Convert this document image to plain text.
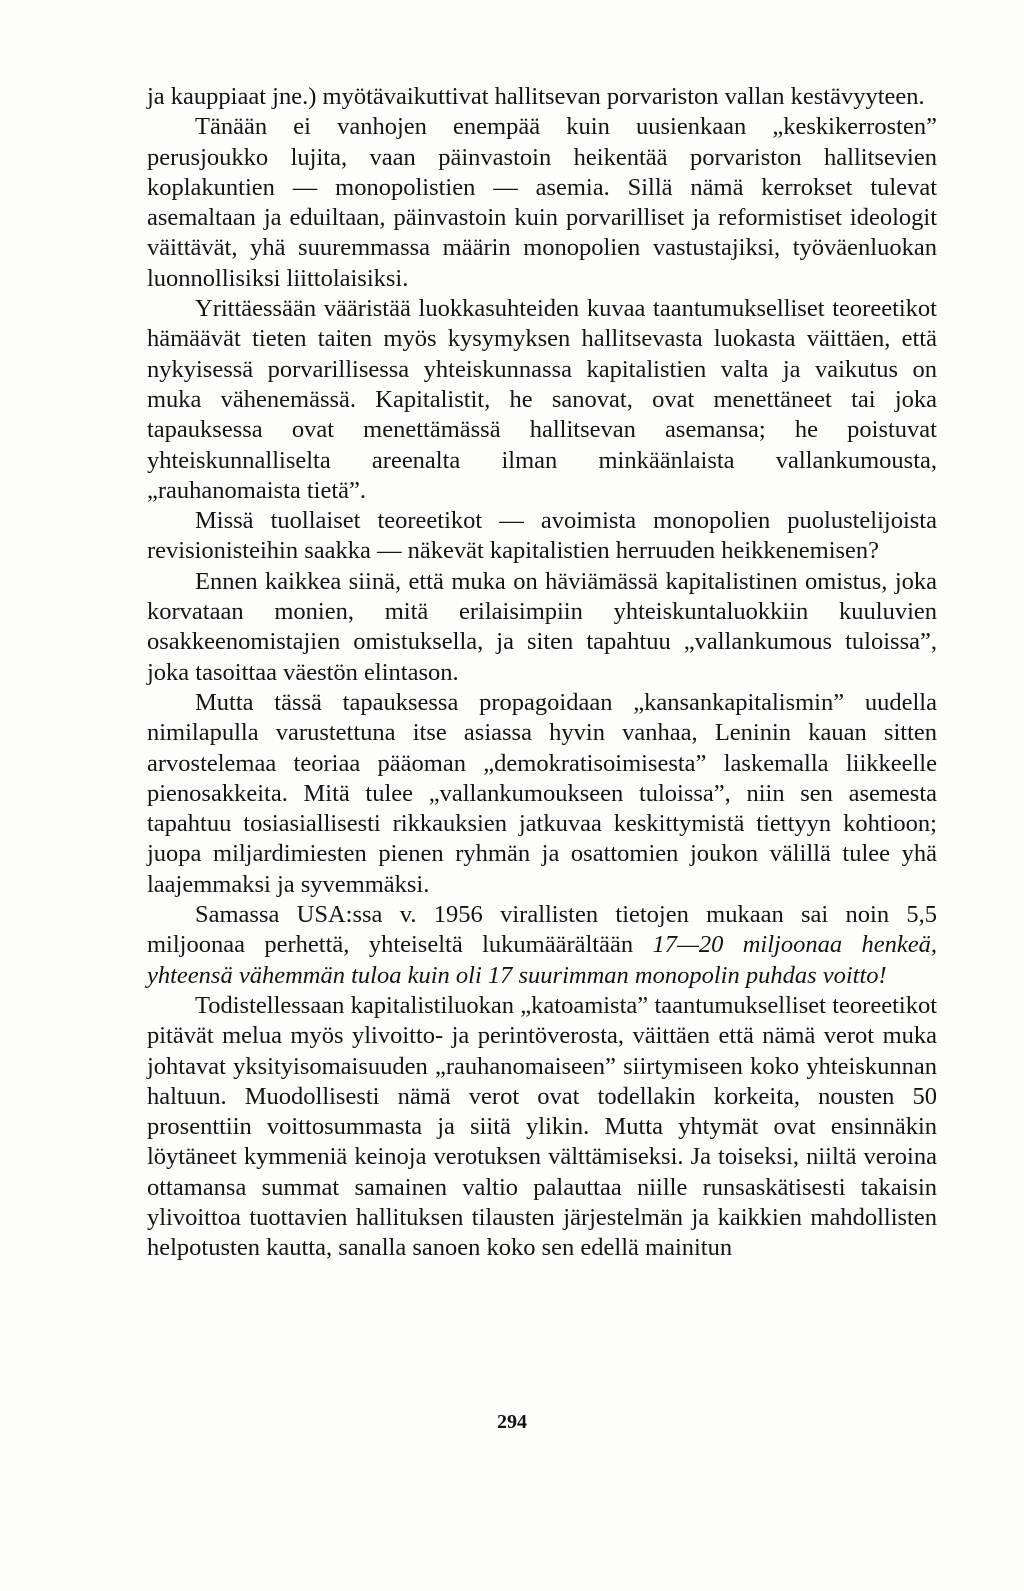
ja kauppiaat jne.) myötävaikuttivat hallitsevan porvariston vallan kestävyyteen.

Tänään ei vanhojen enempää kuin uusienkaan „keskikerrosten” perusjoukko lujita, vaan päinvastoin heikentää porvariston hallitsevien koplakuntien — monopolistien — asemia. Sillä nämä kerrokset tulevat asemaltaan ja eduiltaan, päinvastoin kuin porvarilliset ja reformistiset ideologit väittävät, yhä suuremmassa määrin monopolien vastustajiksi, työväenluokan luonnollisiksi liittolaisiksi.

Yrittäessään vääristää luokkasuhteiden kuvaa taantumukselliset teoreetikot hämäävät tieten taiten myös kysymyksen hallitsevasta luokasta väittäen, että nykyisessä porvarillisessa yhteiskunnassa kapitalistien valta ja vaikutus on muka vähenemässä. Kapitalistit, he sanovat, ovat menettäneet tai joka tapauksessa ovat menettämässä hallitsevan asemansa; he poistuvat yhteiskunnalliselta areenalta ilman minkäänlaista vallankumousta, „rauhanomaista tietä”.

Missä tuollaiset teoreetikot — avoimista monopolien puolustelijoista revisionisteihin saakka — näkevät kapitalistien herruuden heikkenemisen?

Ennen kaikkea siinä, että muka on häviämässä kapitalistinen omistus, joka korvataan monien, mitä erilaisimpiin yhteiskuntaluokkiin kuuluvien osakkeenomistajien omistuksella, ja siten tapahtuu „vallankumous tuloissa”, joka tasoittaa väestön elintason.

Mutta tässä tapauksessa propagoidaan „kansankapitalismin” uudella nimilapulla varustettuna itse asiassa hyvin vanhaa, Leninin kauan sitten arvostelemaa teoriaa pääoman „demokratisoimisesta” laskemalla liikkeelle pienosakkeita. Mitä tulee „vallankumoukseen tuloissa”, niin sen asemesta tapahtuu tosiasiallisesti rikkauksien jatkuvaa keskittymistä tiettyyn kohtioon; juopa miljardimiesten pienen ryhmän ja osattomien joukon välillä tulee yhä laajemmaksi ja syvemmäksi.

Samassa USA:ssa v. 1956 virallisten tietojen mukaan sai noin 5,5 miljoonaa perhettä, yhteiseltä lukumäärältään 17—20 miljoonaa henkeä, yhteensä vähemmän tuloa kuin oli 17 suurimman monopolin puhdas voitto!

Todistellessaan kapitalistiluokan „katoamista” taantumukselliset teoreetikot pitävät melua myös ylivoitto- ja perintöverosta, väittäen että nämä verot muka johtavat yksityisomaisuuden „rauhanomaiseen” siirtymiseen koko yhteiskunnan haltuun. Muodollisesti nämä verot ovat todellakin korkeita, nousten 50 prosenttiin voittosummasta ja siitä ylikin. Mutta yhtymät ovat ensinnäkin löytäneet kymmeniä keinoja verotuksen välttämiseksi. Ja toiseksi, niiltä veroina ottamansa summat samainen valtio palauttaa niille runsaskätisesti takaisin ylivoittoa tuottavien hallituksen tilausten järjestelmän ja kaikkien mahdollisten helpotusten kautta, sanalla sanoen koko sen edellä mainitun

294
